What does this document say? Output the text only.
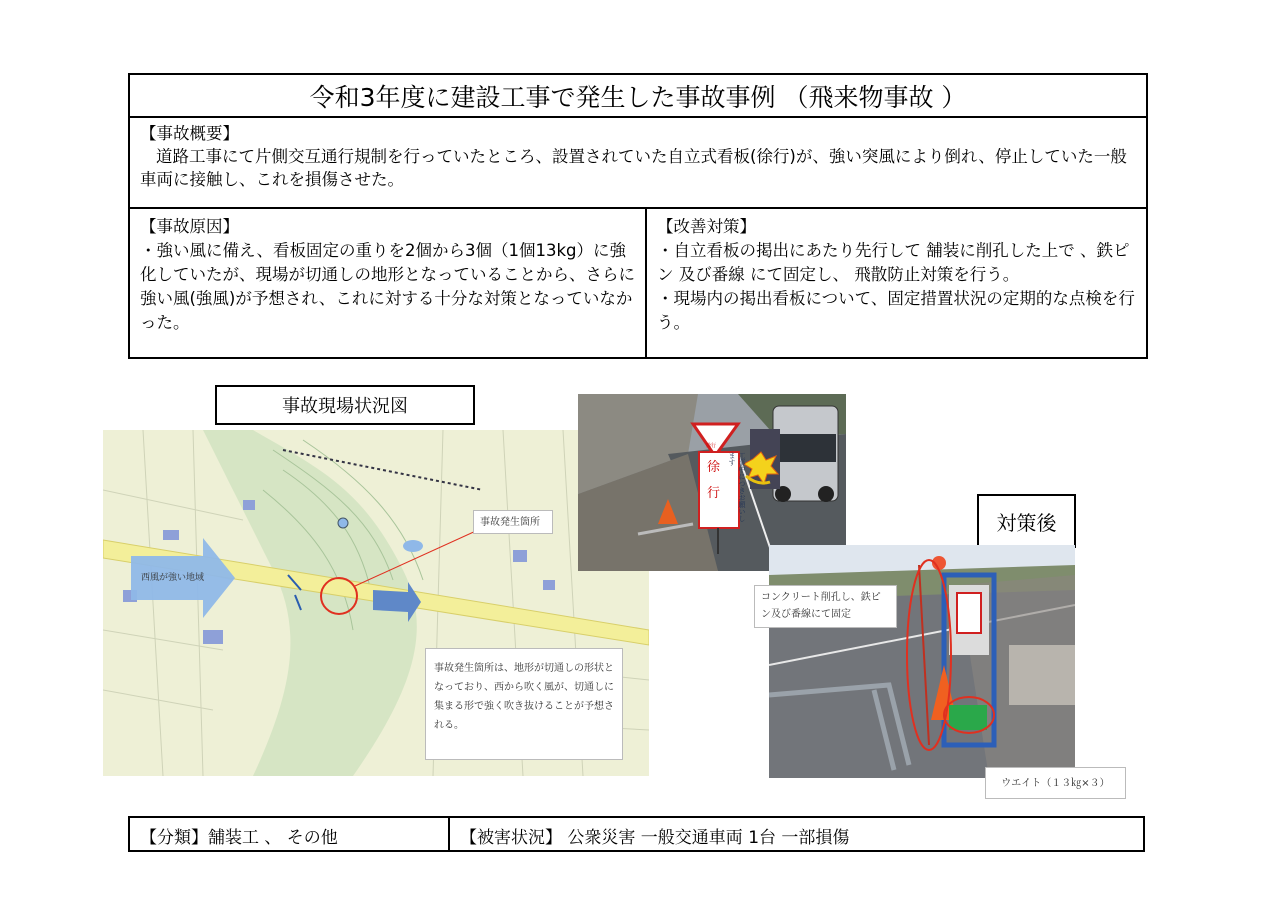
令和3年度に建設工事で発生した事故事例 （飛来物事故 ）
【事故概要】
道路工事にて片側交互通行規制を行っていたところ、設置されていた自立式看板(徐行)が、強い突風により倒れ、停止していた一般車両に接触し、これを損傷させた。
【事故原因】
・強い風に備え、看板固定の重りを2個から3個（1個13kg）に強化していたが、現場が切通しの地形となっていることから、さらに強い風(強風)が予想され、これに対する十分な対策となっていなかった。
【改善対策】
・自立看板の掲出にあたり先行して 舗装に削孔した上で 、鉄ピン 及び番線 にて固定し、 飛散防止対策を行う。
・現場内の掲出看板について、固定措置状況の定期的な点検を行う。
事故現場状況図
西風が強い地域
事故発生箇所
事故発生箇所は、地形が切通しの形状となっており、西から吹く風が、切通しに集まる形で強く吹き抜けることが予想される。
徐行
徐
行	工事中につきお願いします
対策後
コンクリート削孔し、鉄ピン及び番線にて固定
ウエイト（１３㎏×３）
【分類】舗装工 、 その他	【被害状況】 公衆災害 一般交通車両 1台 一部損傷
